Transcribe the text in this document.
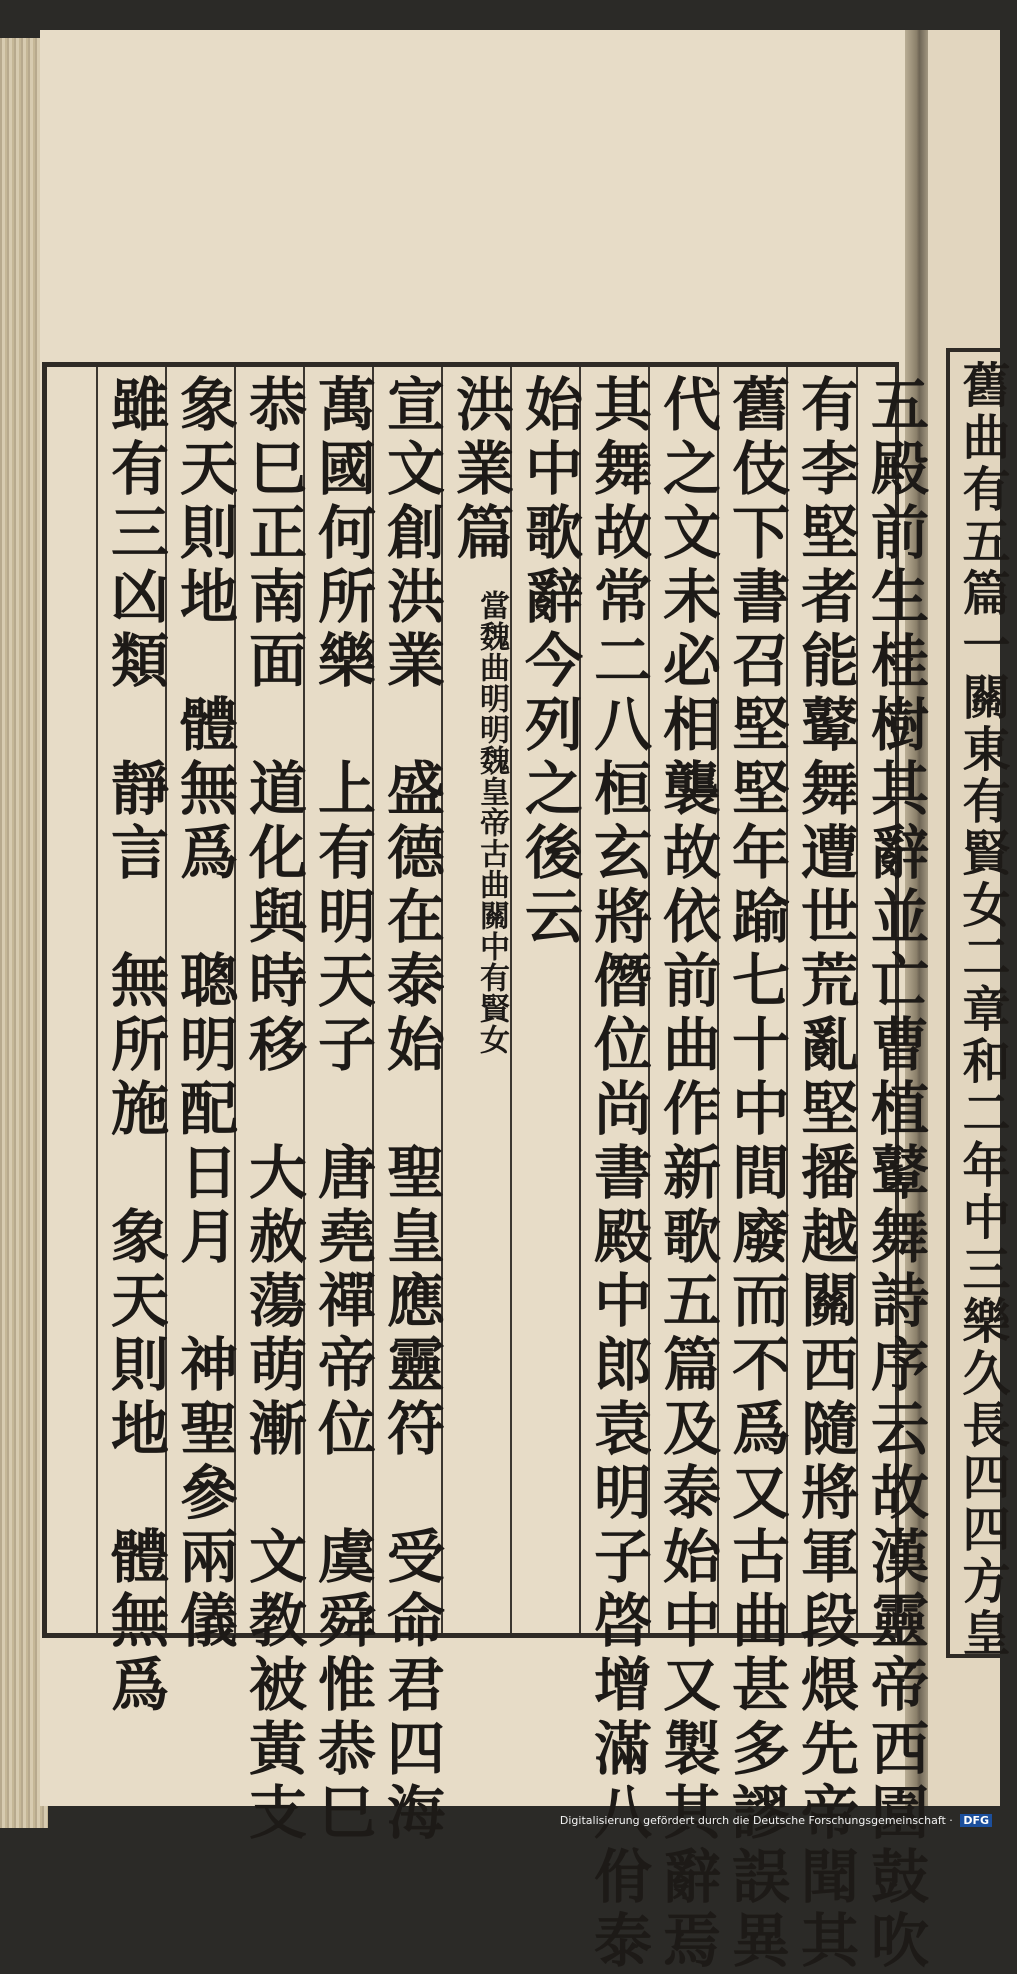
五殿前生桂樹其辭並亡曹植鼙舞詩序云故漢靈帝西園鼓吹
有李堅者能鼙舞遭世荒亂堅播越關西隨將軍段煨先帝聞其
舊伎下書召堅堅年踰七十中間廢而不爲又古曲甚多謬誤異
代之文未必相襲故依前曲作新歌五篇及泰始中又製其辭焉
其舞故常二八桓玄將僭位尚書殿中郎袁明子啓增滿八佾泰
始中歌辭今列之後云
洪業篇
當魏曲明明魏皇帝古曲關中有賢女
宣文創洪業　盛德在泰始　聖皇應靈符　受命君四海
萬國何所樂　上有明天子　唐堯禪帝位　虞舜惟恭巳
恭巳正南面　道化與時移　大赦蕩萌漸　文教被黃支
象天則地　體無爲　聰明配日月　神聖參兩儀
雖有三凶類　靜言　無所施　象天則地　體無爲	舊曲有五篇一關東有賢女二章和二年中三樂久長四四方皇
Digitalisierung gefördert durch die Deutsche Forschungsgemeinschaft · DFG
